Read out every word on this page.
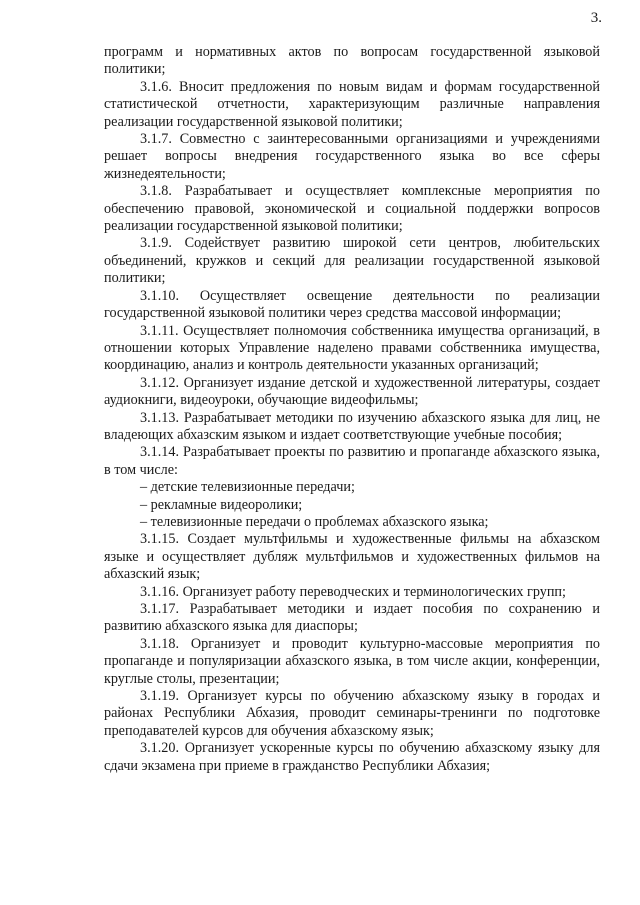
3.

программ и нормативных актов по вопросам государственной языковой политики;

3.1.6. Вносит предложения по новым видам и формам государственной статистической отчетности, характеризующим различные направления реализации государственной языковой политики;

3.1.7. Совместно с заинтересованными организациями и учреждениями решает вопросы внедрения государственного языка во все сферы жизнедеятельности;

3.1.8. Разрабатывает и осуществляет комплексные мероприятия по обеспечению правовой, экономической и социальной поддержки вопросов реализации государственной языковой политики;

3.1.9. Содействует развитию широкой сети центров, любительских объединений, кружков и секций для реализации государственной языковой политики;

3.1.10. Осуществляет освещение деятельности по реализации государственной языковой политики через средства массовой информации;

3.1.11. Осуществляет полномочия собственника имущества организаций, в отношении которых Управление наделено правами собственника имущества, координацию, анализ и контроль деятельности указанных организаций;

3.1.12. Организует издание детской и художественной литературы, создает аудиокниги, видеоуроки, обучающие видеофильмы;

3.1.13. Разрабатывает методики по изучению абхазского языка для лиц, не владеющих абхазским языком и издает соответствующие учебные пособия;

3.1.14. Разрабатывает проекты по развитию и пропаганде абхазского языка, в том числе:

– детские телевизионные передачи;

– рекламные видеоролики;

– телевизионные передачи о проблемах абхазского языка;

3.1.15. Создает мультфильмы и художественные фильмы на абхазском языке и осуществляет дубляж мультфильмов и художественных фильмов на абхазский язык;

3.1.16. Организует работу переводческих и терминологических групп;

3.1.17. Разрабатывает методики и издает пособия по сохранению и развитию абхазского языка для диаспоры;

3.1.18. Организует и проводит культурно-массовые мероприятия по пропаганде и популяризации абхазского языка, в том числе акции, конференции, круглые столы, презентации;

3.1.19. Организует курсы по обучению абхазскому языку в городах и районах Республики Абхазия, проводит семинары-тренинги по подготовке преподавателей курсов для обучения абхазскому язык;

3.1.20. Организует ускоренные курсы по обучению абхазскому языку для сдачи экзамена при приеме в гражданство Республики Абхазия;
